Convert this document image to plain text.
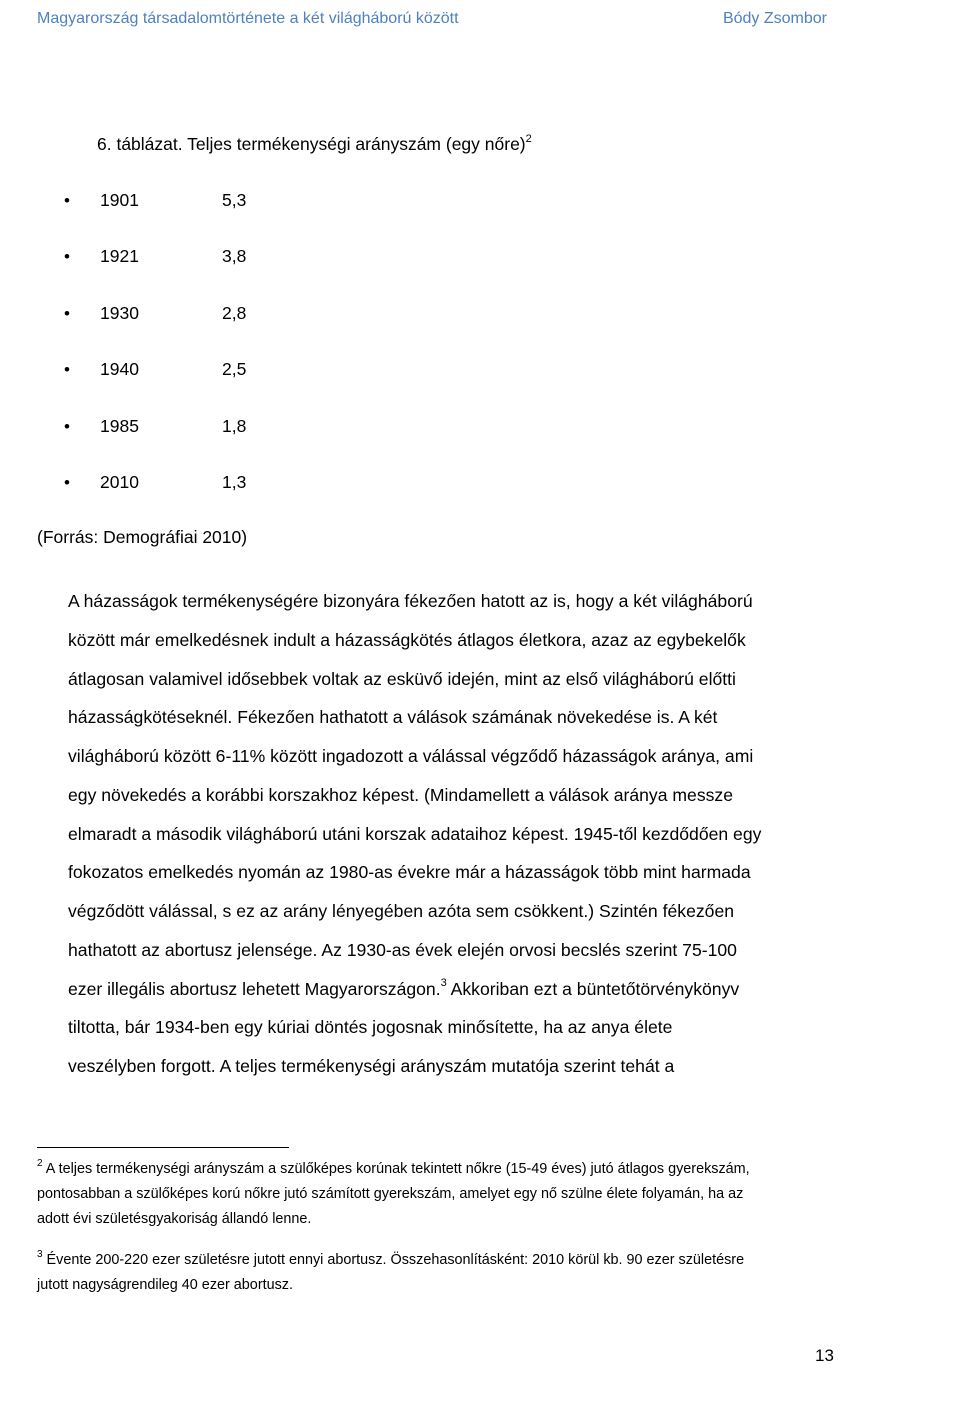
Magyarország társadalomtörténete a két világháború között	Bódy Zsombor
6. táblázat. Teljes termékenységi arányszám (egy nőre)$^2$
• 1901	5,3
• 1921	3,8
• 1930	2,8
• 1940	2,5
• 1985	1,8
• 2010	1,3
(Forrás: Demográfiai 2010)

A házasságok termékenységére bizonyára fékezően hatott az is, hogy a két világháború
között már emelkedésnek indult a házasságkötés átlagos életkora, azaz az egybekelők
átlagosan valamivel idősebbek voltak az esküvő idején, mint az első világháború előtti
házasságkötéseknél. Fékezően hathatott a válások számának növekedése is. A két
világháború között 6-11% között ingadozott a válással végződő házasságok aránya, ami
egy növekedés a korábbi korszakhoz képest. (Mindamellett a válások aránya messze
elmaradt a második világháború utáni korszak adataihoz képest. 1945-től kezdődően egy
fokozatos emelkedés nyomán az 1980-as évekre már a házasságok több mint harmada
végződött válással, s ez az arány lényegében azóta sem csökkent.) Szintén fékezően
hathatott az abortusz jelensége. Az 1930-as évek elején orvosi becslés szerint 75-100
ezer illegális abortusz lehetett Magyarországon.$^3$ Akkoriban ezt a büntetőtörvénykönyv
tiltotta, bár 1934-ben egy kúriai döntés jogosnak minősítette, ha az anya élete
veszélyben forgott. A teljes termékenységi arányszám mutatója szerint tehát a

$^2$ A teljes termékenységi arányszám a szülőképes korúnak tekintett nőkre (15-49 éves) jutó átlagos gyerekszám,
pontosabban a szülőképes korú nőkre jutó számított gyerekszám, amelyet egy nő szülne élete folyamán, ha az
adott évi születésgyakoriság állandó lenne.

$^3$ Évente 200-220 ezer születésre jutott ennyi abortusz. Összehasonlításként: 2010 körül kb. 90 ezer születésre
jutott nagyságrendileg 40 ezer abortusz.

13
